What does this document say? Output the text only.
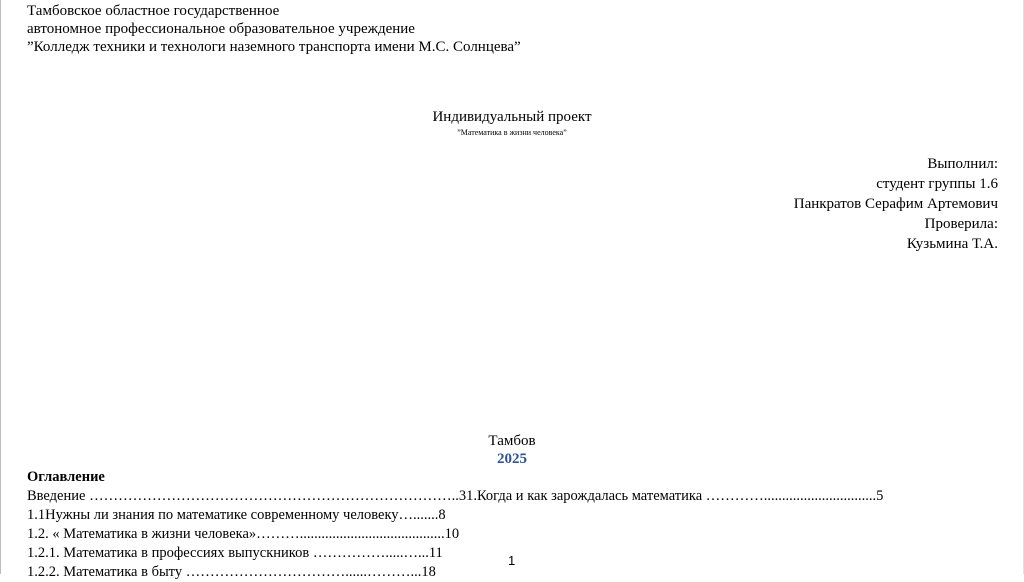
Тамбовское областное государственное
автономное профессиональное образовательное учреждение
”Колледж техники и технологи наземного транспорта имени М.С. Солнцева”
Индивидуальный проект
”Математика в жизни человека”
Выполнил:
студент группы 1.6
Панкратов Серафим Артемович
Проверила:
Кузьмина Т.А.
Тамбов
2025
Оглавление
Введение …………………………………………………………………..31.Когда и как зарождалась математика …………...............................5
1.1Нужны ли знания по математике современному человеку….......8
1.2. « Математика в жизни человека»………........................................10
1.2.1. Математика в профессиях выпускников …………….....…...11
1.2.2. Математика в быту ……………………………......………...18
1
